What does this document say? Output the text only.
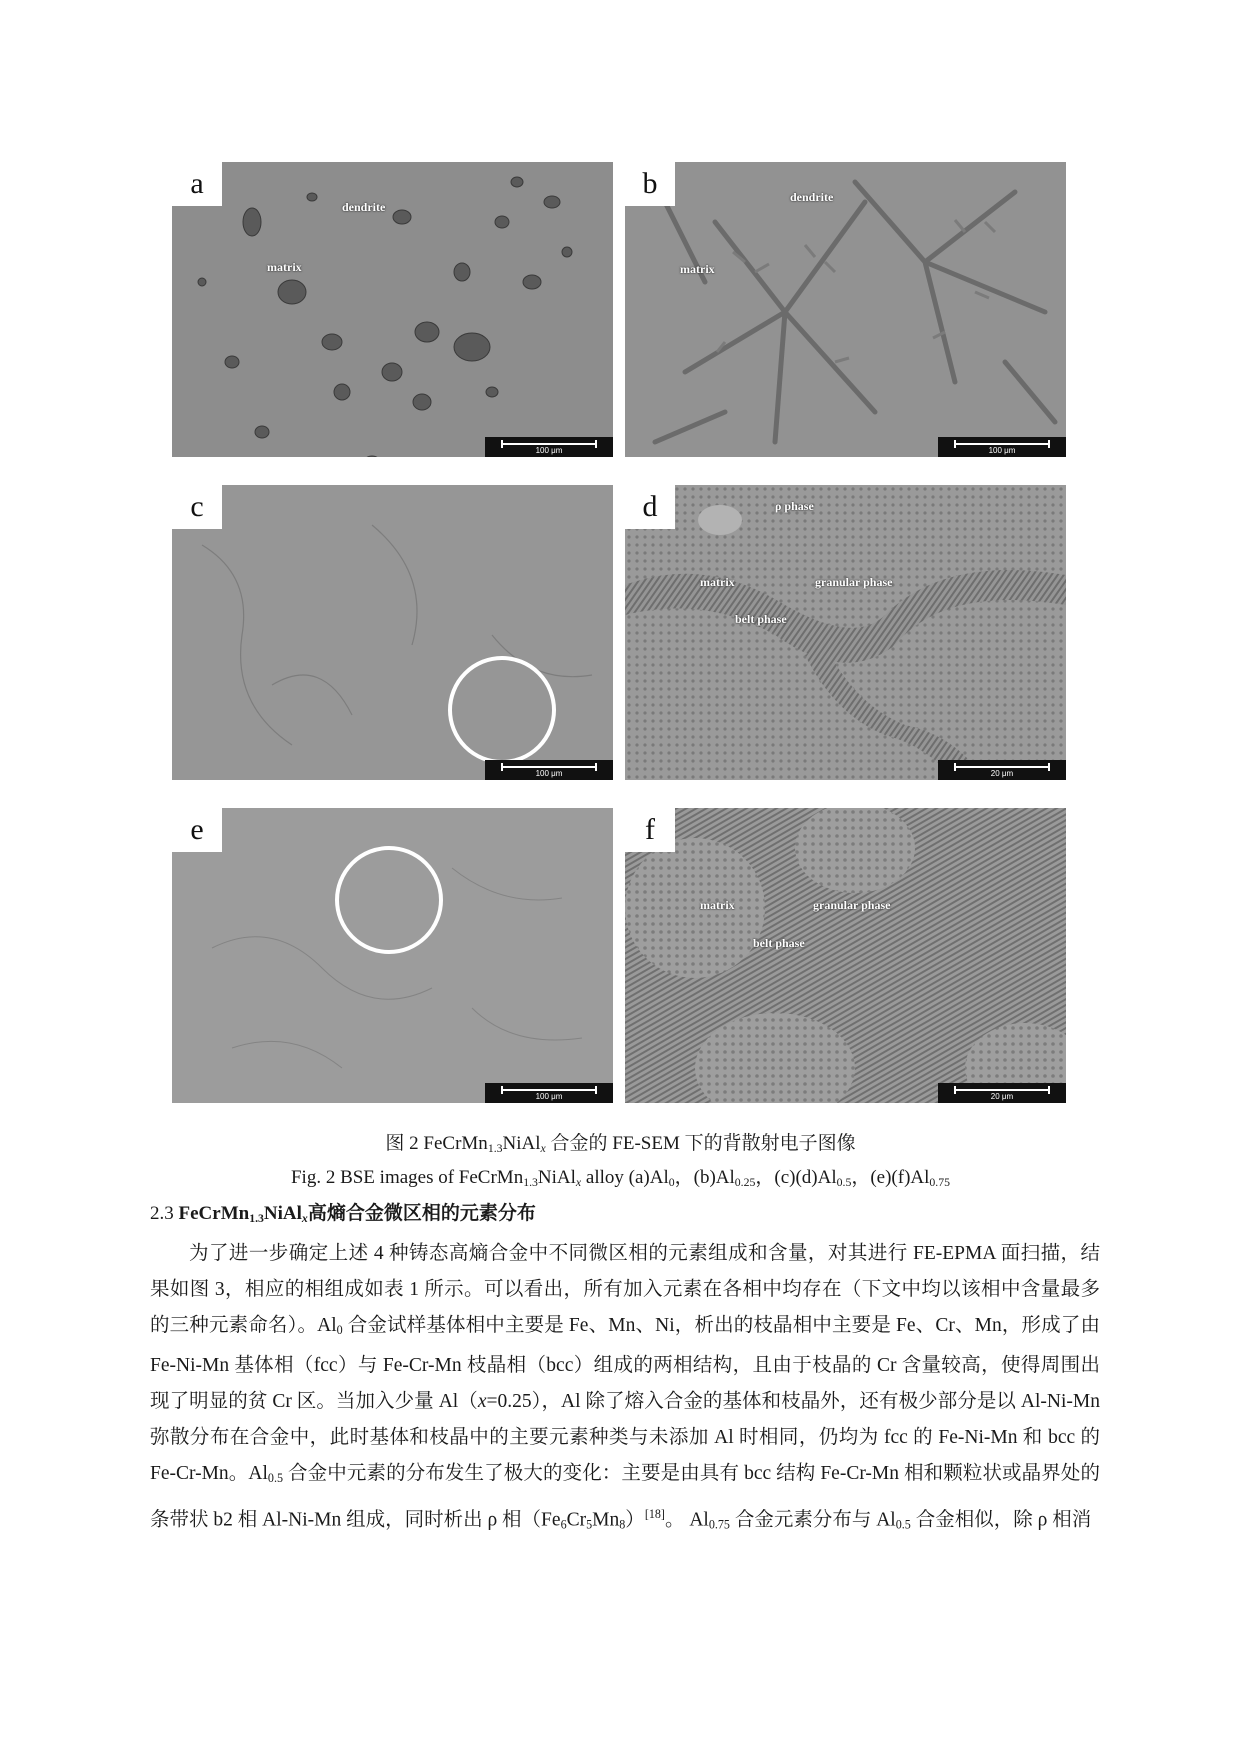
a
dendrite
matrix
100 μm
b	dendrite
matrix
100 μm
c
100 μm
d	ρ phase
matrix	granular phase
belt phase
20 μm
e
100 μm
f
matrix	granular phase
belt phase
20 μm
图 2 FeCrMn$_{1.3}$NiAl$_x$ 合金的 FE-SEM 下的背散射电子图像
Fig. 2 BSE images of FeCrMn$_{1.3}$NiAl$_x$ alloy $(a)Al_0$，$(b)Al_{0.25}$，$(c)(d)Al_{0.5}$，$(e)(f)Al_{0.75}$
2.3 FeCrMn$_{1.3}$NiAl$_x$高熵合金微区相的元素分布

为了进一步确定上述 4 种铸态高熵合金中不同微区相的元素组成和含量，对其进行 FE-EPMA 面扫描，结果如图 3，相应的相组成如表 1 所示。可以看出，所有加入元素在各相中均存在（下文中均以该相中含量最多的三种元素命名）。$Al_0$ 合金试样基体相中主要是 Fe、Mn、Ni，析出的枝晶相中主要是 Fe、Cr、Mn，形成了由 Fe-Ni-Mn 基体相（fcc）与 Fe-Cr-Mn 枝晶相（bcc）组成的两相结构，且由于枝晶的 Cr 含量较高，使得周围出现了明显的贫 Cr 区。当加入少量 Al（x=0.25），Al 除了熔入合金的基体和枝晶外，还有极少部分是以 Al-Ni-Mn 弥散分布在合金中，此时基体和枝晶中的主要元素种类与未添加 Al 时相同，仍均为 fcc 的 Fe-Ni-Mn 和 bcc 的 Fe-Cr-Mn。$Al_{0.5}$ 合金中元素的分布发生了极大的变化：主要是由具有 bcc 结构 Fe-Cr-Mn 相和颗粒状或晶界处的条带状 b2 相 Al-Ni-Mn 组成，同时析出 ρ 相$(Fe_6Cr_5Mn_8)[18]$。 $Al_{0.75}$ 合金元素分布与 $Al_{0.5}$ 合金相似，除 ρ 相消
